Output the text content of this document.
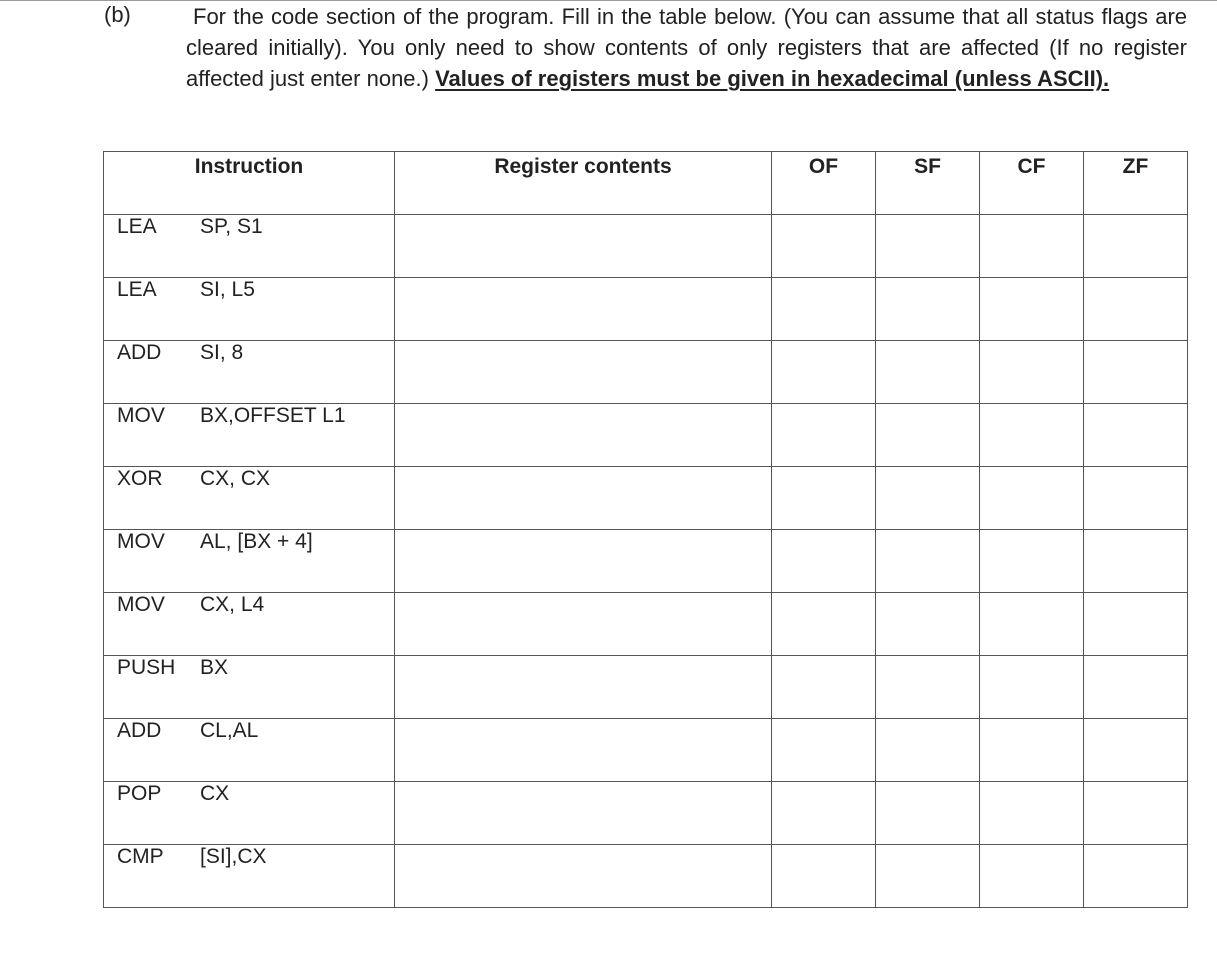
(b)	For the code section of the program. Fill in the table below. (You can assume that all status flags are cleared initially). You only need to show contents of only registers that are affected (If no register affected just enter none.) Values of registers must be given in hexadecimal (unless ASCII).
Instruction	Register contents	OF	SF	CF	ZF
LEA SP, S1					
LEA SI, L5					
ADD SI, 8					
MOV BX,OFFSET L1					
XOR CX, CX					
MOV AL, [BX + 4]					
MOV CX, L4					
PUSH BX					
ADD CL,AL					
POP CX					
CMP [SI],CX					
